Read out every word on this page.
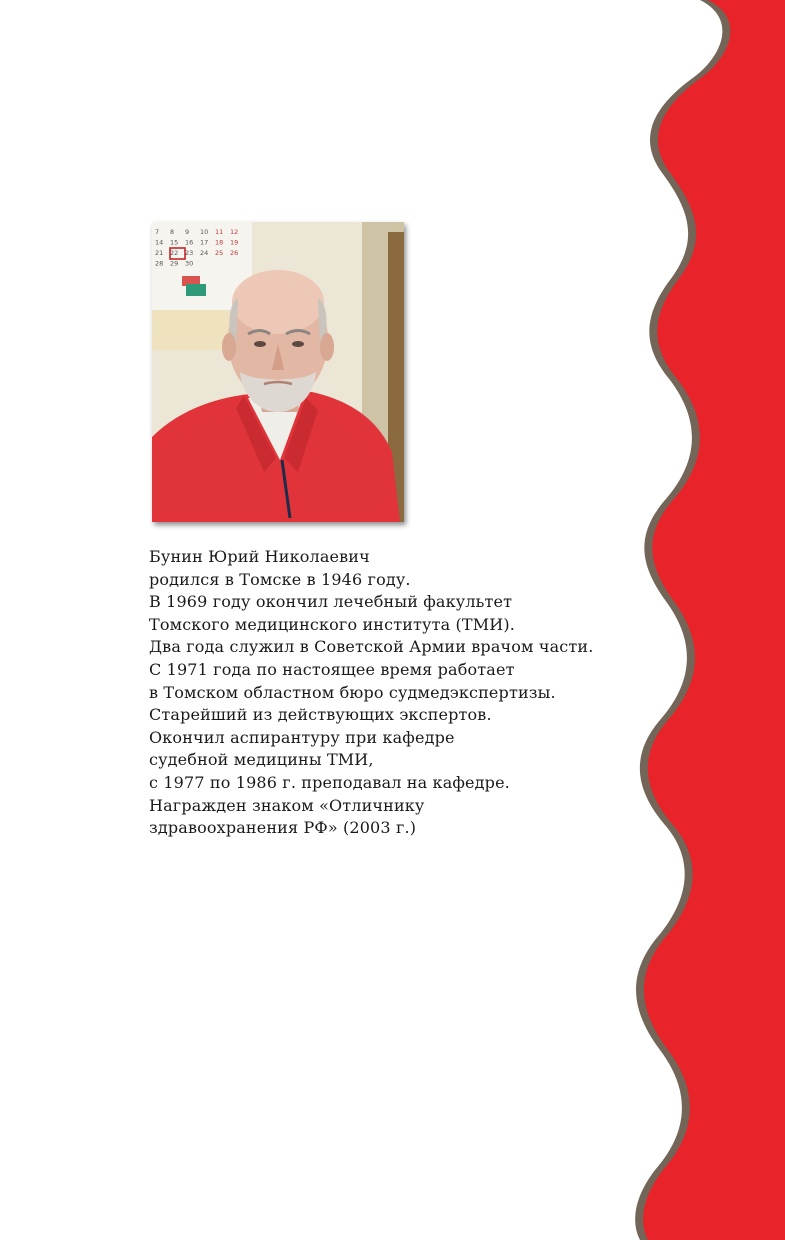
7 8 9 10 11 12
14 15 16 17 18 19
21 22 23 24 25 26
28 29 30
Бунин Юрий Николаевич
родился в Томске в 1946 году.
В 1969 году окончил лечебный факультет
Томского медицинского института (ТМИ).
Два года служил в Советской Армии врачом части.
С 1971 года по настоящее время работает
в Томском областном бюро судмедэкспертизы.
Старейший из действующих экспертов.
Окончил аспирантуру при кафедре
судебной медицины ТМИ,
с 1977 по 1986 г. преподавал на кафедре.
Награжден знаком «Отличнику
здравоохранения РФ» (2003 г.)
